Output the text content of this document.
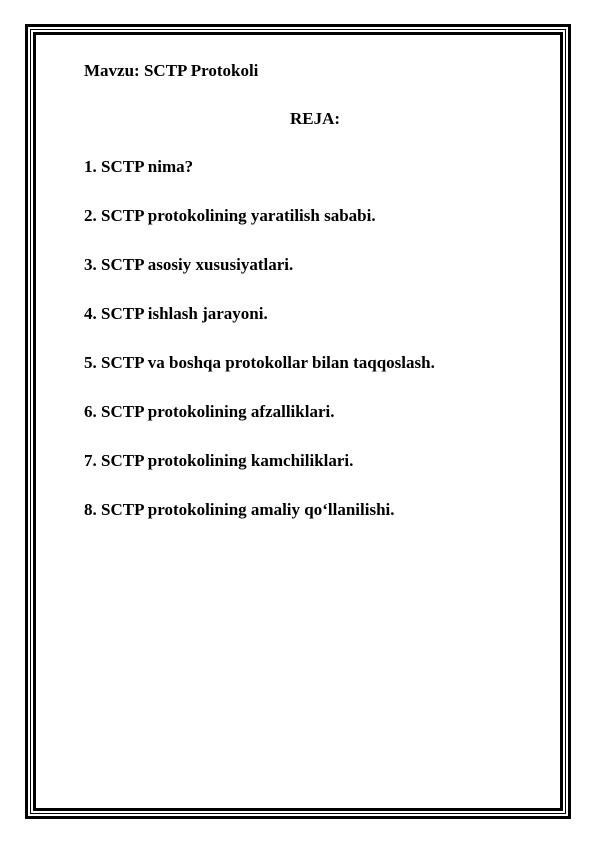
Mavzu: SCTP Protokoli
REJA:
1. SCTP nima?
2. SCTP protokolining yaratilish sababi.
3. SCTP asosiy xususiyatlari.
4. SCTP ishlash jarayoni.
5. SCTP va boshqa protokollar bilan taqqoslash.
6. SCTP protokolining afzalliklari.
7. SCTP protokolining kamchiliklari.
8. SCTP protokolining amaliy qo‘llanilishi.
